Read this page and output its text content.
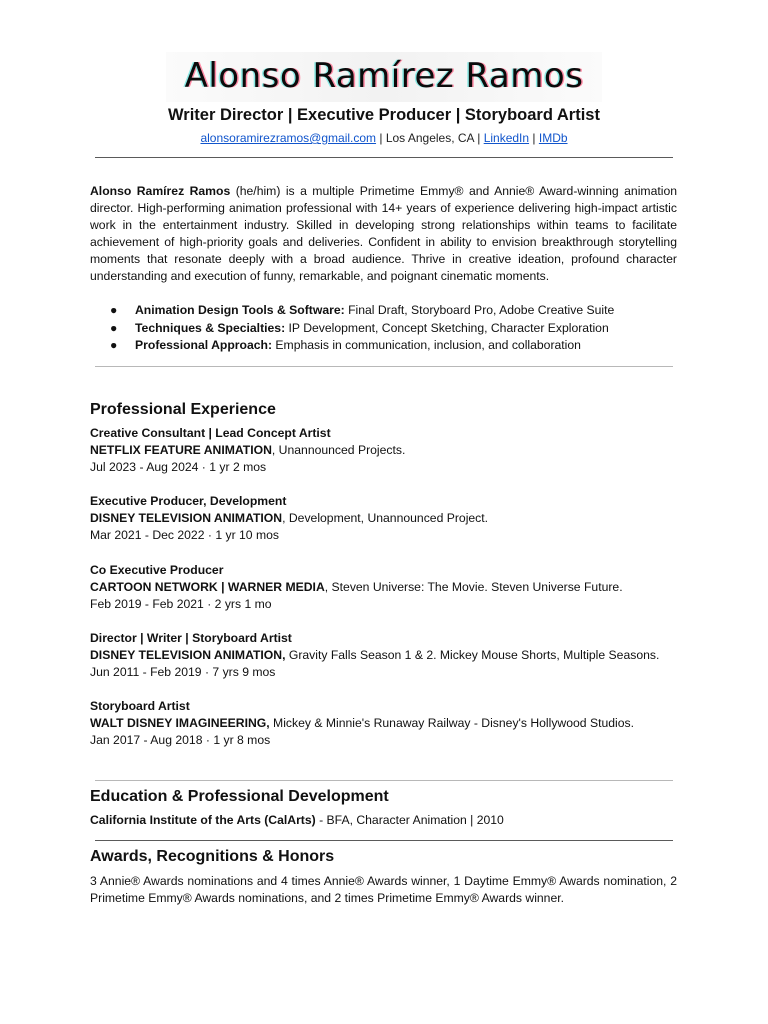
Alonso Ramírez Ramos
Writer Director | Executive Producer | Storyboard Artist
alonsoramirezramos@gmail.com | Los Angeles, CA | LinkedIn | IMDb
Alonso Ramírez Ramos (he/him) is a multiple Primetime Emmy® and Annie® Award-winning animation director. High-performing animation professional with 14+ years of experience delivering high-impact artistic work in the entertainment industry. Skilled in developing strong relationships within teams to facilitate achievement of high-priority goals and deliveries. Confident in ability to envision breakthrough storytelling moments that resonate deeply with a broad audience. Thrive in creative ideation, profound character understanding and execution of funny, remarkable, and poignant cinematic moments.
● Animation Design Tools & Software: Final Draft, Storyboard Pro, Adobe Creative Suite
● Techniques & Specialties: IP Development, Concept Sketching, Character Exploration
● Professional Approach: Emphasis in communication, inclusion, and collaboration
Professional Experience
Creative Consultant | Lead Concept Artist
NETFLIX FEATURE ANIMATION, Unannounced Projects.
Jul 2023 - Aug 2024 · 1 yr 2 mos
Executive Producer, Development
DISNEY TELEVISION ANIMATION, Development, Unannounced Project.
Mar 2021 - Dec 2022 · 1 yr 10 mos
Co Executive Producer
CARTOON NETWORK | WARNER MEDIA, Steven Universe: The Movie. Steven Universe Future.
Feb 2019 - Feb 2021 · 2 yrs 1 mo
Director | Writer | Storyboard Artist
DISNEY TELEVISION ANIMATION, Gravity Falls Season 1 & 2. Mickey Mouse Shorts, Multiple Seasons.
Jun 2011 - Feb 2019 · 7 yrs 9 mos
Storyboard Artist
WALT DISNEY IMAGINEERING, Mickey & Minnie's Runaway Railway - Disney's Hollywood Studios.
Jan 2017 - Aug 2018 · 1 yr 8 mos
Education & Professional Development
California Institute of the Arts (CalArts) - BFA, Character Animation | 2010
Awards, Recognitions & Honors
3 Annie® Awards nominations and 4 times Annie® Awards winner, 1 Daytime Emmy® Awards nomination, 2 Primetime Emmy® Awards nominations, and 2 times Primetime Emmy® Awards winner.
